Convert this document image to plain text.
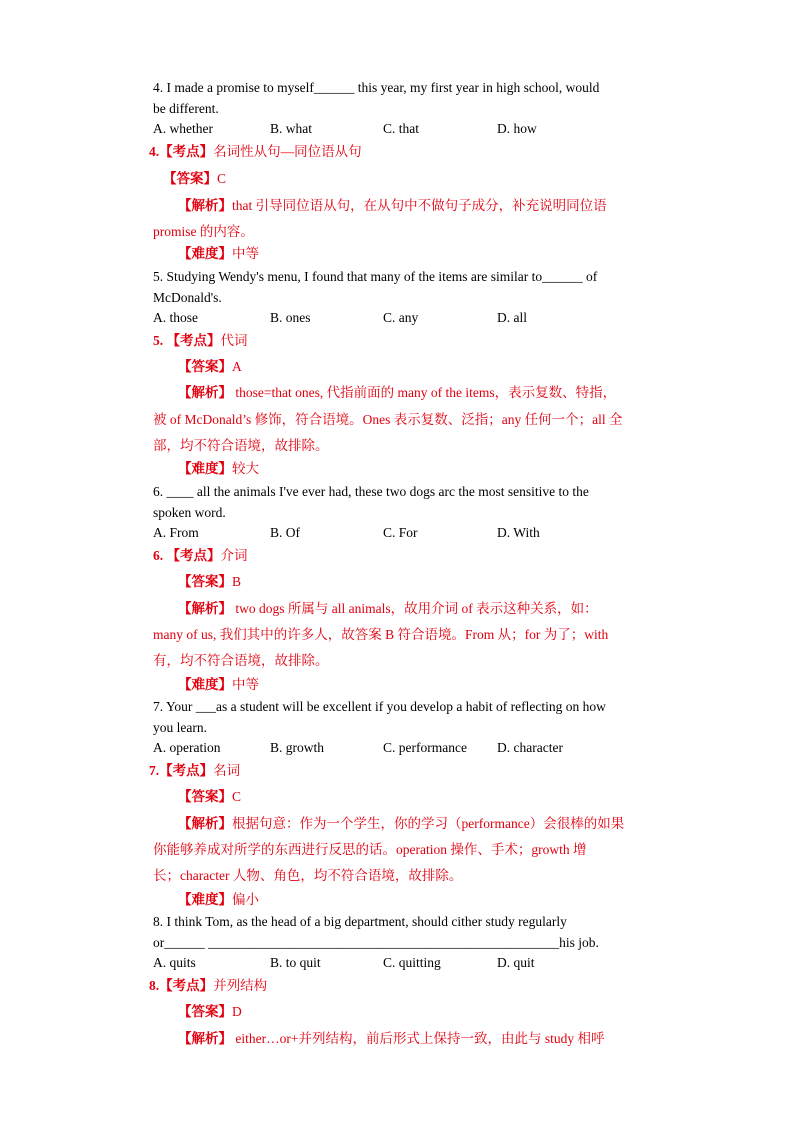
4. I made a promise to myself______ this year, my first year in high school, would
be different.
A. whether	B. what	C. that	D. how
4.【考点】名词性从句—同位语从句
【答案】C
【解析】that 引导同位语从句，在从句中不做句子成分，补充说明同位语
promise 的内容。
【难度】中等
5. Studying Wendy's menu, I found that many of the items are similar to______ of
McDonald's.
A. those	B. ones	C. any	D. all
5. 【考点】代词
【答案】A
【解析】 those=that ones, 代指前面的 many of the items，表示复数、特指，
被 of McDonald’s 修饰，符合语境。Ones 表示复数、泛指；any 任何一个；all 全
部，均不符合语境，故排除。
【难度】较大
6. ____ all the animals I've ever had, these two dogs arc the most sensitive to the
spoken word.
A. From	B. Of	C. For	D. With
6. 【考点】介词
【答案】B
【解析】 two dogs 所属与 all animals，故用介词 of 表示这种关系，如：
many of us, 我们其中的许多人，故答案 B 符合语境。From 从；for 为了；with
有，均不符合语境，故排除。
【难度】中等
7. Your ___as a student will be excellent if you develop a habit of reflecting on how
you learn.
A. operation	B. growth	C. performance D. character
7.【考点】名词
【答案】C
【解析】根据句意：作为一个学生，你的学习（performance）会很棒的如果
你能够养成对所学的东西进行反思的话。operation 操作、手术；growth 增
长；character 人物、角色，均不符合语境，故排除。
【难度】偏小
8. I think Tom, as the head of a big department, should cither study regularly
or______ ____________________________________________________his job.
A. quits	B. to quit	C. quitting	D. quit
8.【考点】并列结构
【答案】D
【解析】 either…or+并列结构，前后形式上保持一致，由此与 study 相呼
